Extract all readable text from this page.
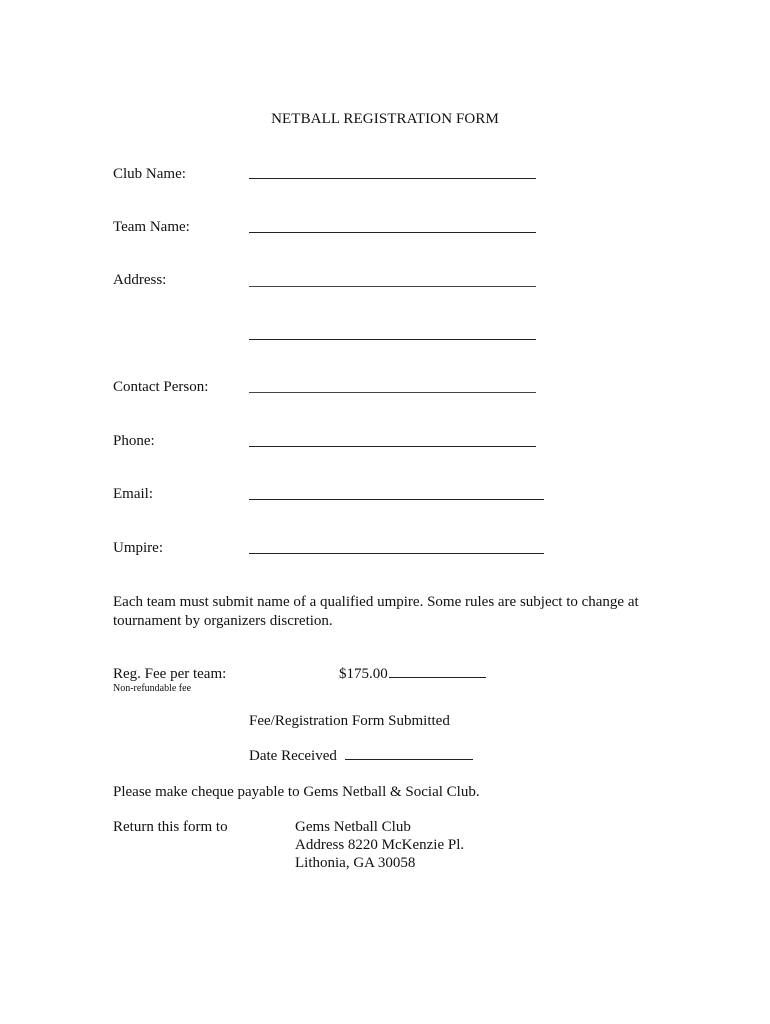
NETBALL REGISTRATION FORM
Club Name:
Team Name:
Address:
Contact Person:
Phone:
Email:
Umpire:
Each team must submit name of a qualified umpire. Some rules are subject to change at tournament by organizers discretion.
Reg. Fee per team:	$175.00
Non-refundable fee
Fee/Registration Form Submitted
Date Received
Please make cheque payable to Gems Netball & Social Club.
Return this form to	Gems Netball Club
Address 8220 McKenzie Pl.
Lithonia, GA 30058
